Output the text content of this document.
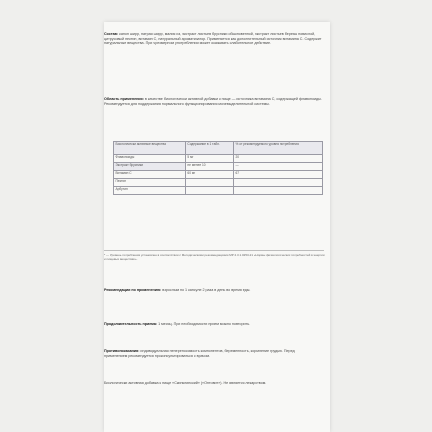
Состав: канон ширр, натрая ширр, малия из, экстракт листьев брусники обыкновенной, экстракт листьев березы повислой, цитрусовый пектин, витамин С, натуральный ароматизатор. Применяется как дополнительный источник витамина С. Содержит натуральные вещества. При чрезмерном употреблении может оказывать слабительное действие.

Область применения: в качестве биологически активной добавки к пище — источника витамина С, содержащей флавоноиды. Рекомендуется для поддержания нормального функционирования мочевыделительной системы.

Биологически активные вещества	Содержание в 1 табл.	% от рекомендуемого уровня потребления
Флавоноиды	5 мг	20
Экстракт брусники	не менее 10	—
Витамин С	60 мг	67
Пектин		
Арбутин		

* — Уровень потребления установлен в соответствии с Методическими рекомендациями MP 2.3.1.0253-21 «Нормы физиологических потребностей в энергии и пищевых веществах».

Рекомендации по применению: взрослым по 1 капсуле 2 раза в день во время еды.

Продолжительность приема: 1 месяц. При необходимости прием можно повторить.

Противопоказания: индивидуальная непереносимость компонентов, беременность, кормление грудью. Перед применением рекомендуется проконсультироваться с врачом.

Биологически активная добавка к пище «Скинклинский» («Оптовит»). Не является лекарством.
